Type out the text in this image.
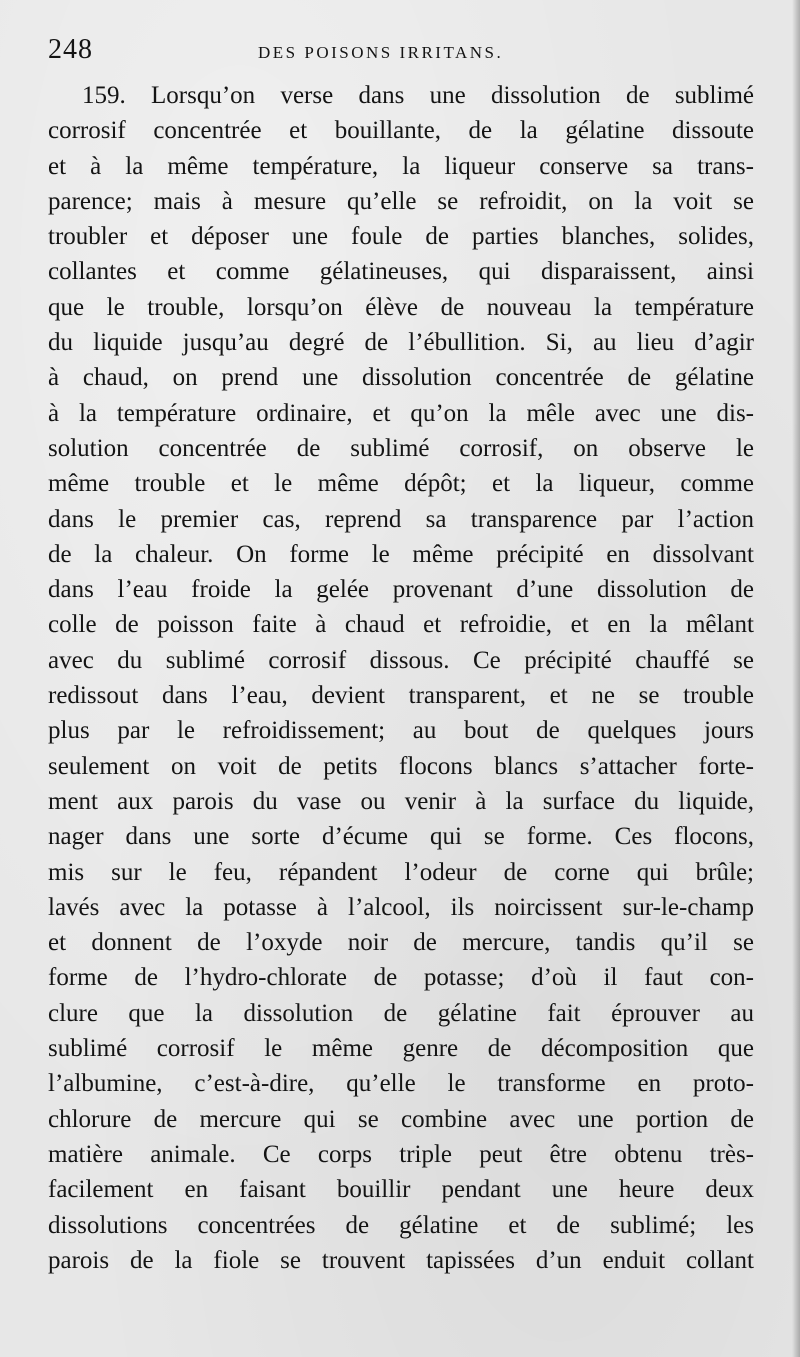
248	DES POISONS IRRITANS.
159. Lorsqu’on verse dans une dissolution de sublimé
corrosif concentrée et bouillante, de la gélatine dissoute
et à la même température, la liqueur conserve sa trans-
parence; mais à mesure qu’elle se refroidit, on la voit se
troubler et déposer une foule de parties blanches, solides,
collantes et comme gélatineuses, qui disparaissent, ainsi
que le trouble, lorsqu’on élève de nouveau la température
du liquide jusqu’au degré de l’ébullition. Si, au lieu d’agir
à chaud, on prend une dissolution concentrée de gélatine
à la température ordinaire, et qu’on la mêle avec une dis-
solution concentrée de sublimé corrosif, on observe le
même trouble et le même dépôt; et la liqueur, comme
dans le premier cas, reprend sa transparence par l’action
de la chaleur. On forme le même précipité en dissolvant
dans l’eau froide la gelée provenant d’une dissolution de
colle de poisson faite à chaud et refroidie, et en la mêlant
avec du sublimé corrosif dissous. Ce précipité chauffé se
redissout dans l’eau, devient transparent, et ne se trouble
plus par le refroidissement; au bout de quelques jours
seulement on voit de petits flocons blancs s’attacher forte-
ment aux parois du vase ou venir à la surface du liquide,
nager dans une sorte d’écume qui se forme. Ces flocons,
mis sur le feu, répandent l’odeur de corne qui brûle;
lavés avec la potasse à l’alcool, ils noircissent sur-le-champ
et donnent de l’oxyde noir de mercure, tandis qu’il se
forme de l’hydro-chlorate de potasse; d’où il faut con-
clure que la dissolution de gélatine fait éprouver au
sublimé corrosif le même genre de décomposition que
l’albumine, c’est-à-dire, qu’elle le transforme en proto-
chlorure de mercure qui se combine avec une portion de
matière animale. Ce corps triple peut être obtenu très-
facilement en faisant bouillir pendant une heure deux
dissolutions concentrées de gélatine et de sublimé; les
parois de la fiole se trouvent tapissées d’un enduit collant
